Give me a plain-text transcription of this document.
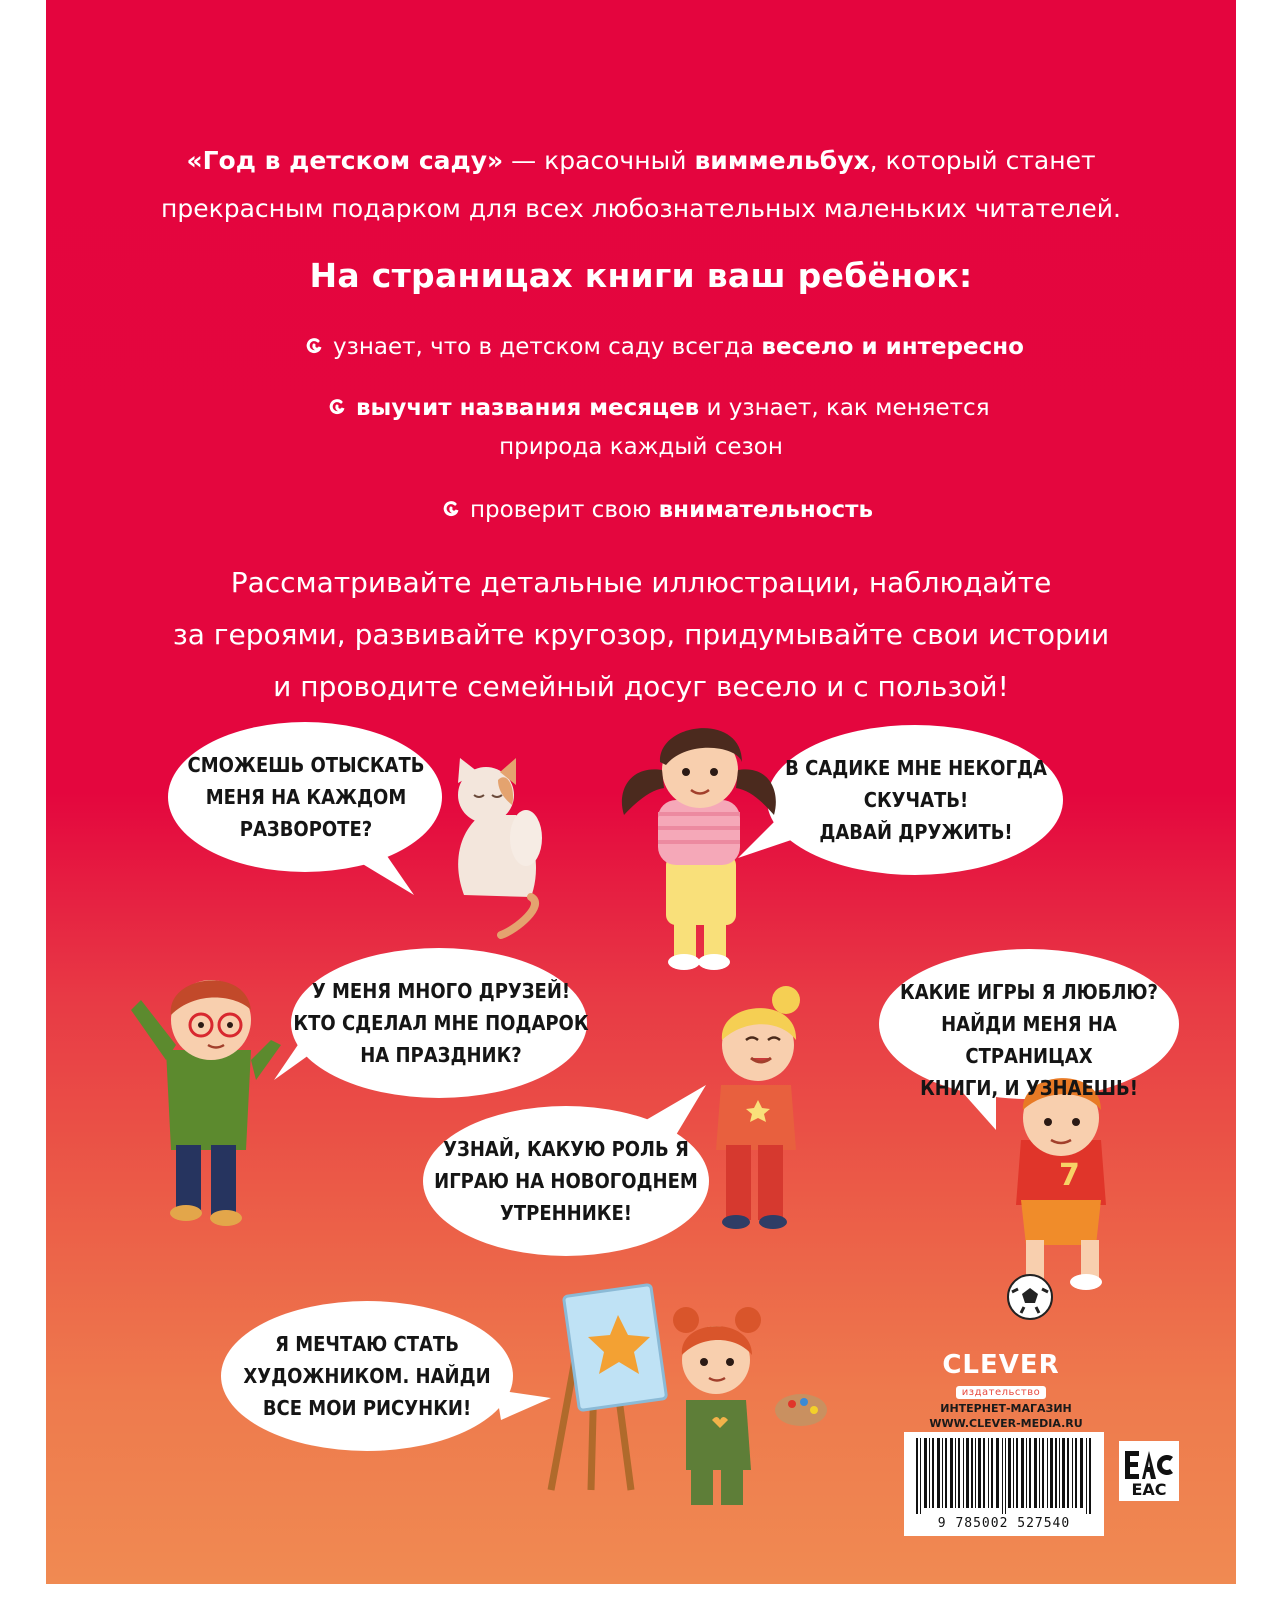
«Год в детском саду» — красочный виммельбух, который станет
прекрасным подарком для всех любознательных маленьких читателей.
На страницах книги ваш ребёнок:
узнает, что в детском саду всегда весело и интересно
выучит названия месяцев и узнает, как меняется
природа каждый сезон
проверит свою внимательность
Рассматривайте детальные иллюстрации, наблюдайте
за героями, развивайте кругозор, придумывайте свои истории
и проводите семейный досуг весело и с пользой!
7
СМОЖЕШЬ ОТЫСКАТЬ
МЕНЯ НА КАЖДОМ
РАЗВОРОТЕ?
В САДИКЕ МНЕ НЕКОГДА
СКУЧАТЬ!
ДАВАЙ ДРУЖИТЬ!
У МЕНЯ МНОГО ДРУЗЕЙ!
КТО СДЕЛАЛ МНЕ ПОДАРОК
НА ПРАЗДНИК?
КАКИЕ ИГРЫ Я ЛЮБЛЮ?
НАЙДИ МЕНЯ НА СТРАНИЦАХ
КНИГИ, И УЗНАЕШЬ!
УЗНАЙ, КАКУЮ РОЛЬ Я
ИГРАЮ НА НОВОГОДНЕМ
УТРЕННИКЕ!
Я МЕЧТАЮ СТАТЬ
ХУДОЖНИКОМ. НАЙДИ
ВСЕ МОИ РИСУНКИ!
CLEVER
издательство
ИНТЕРНЕТ-МАГАЗИН
WWW.CLEVER-MEDIA.RU
9 785002 527540
EAC
